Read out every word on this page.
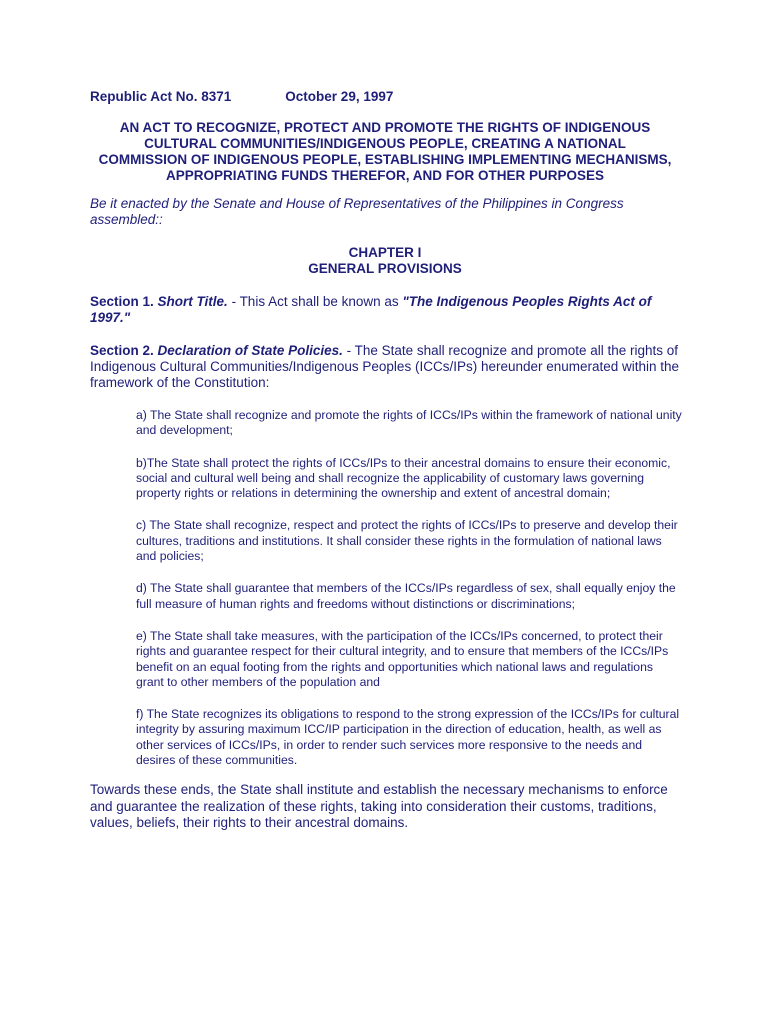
Republic Act No. 8371	October 29, 1997
AN ACT TO RECOGNIZE, PROTECT AND PROMOTE THE RIGHTS OF INDIGENOUS
CULTURAL COMMUNITIES/INDIGENOUS PEOPLE, CREATING A NATIONAL
COMMISSION OF INDIGENOUS PEOPLE, ESTABLISHING IMPLEMENTING MECHANISMS,
APPROPRIATING FUNDS THEREFOR, AND FOR OTHER PURPOSES
Be it enacted by the Senate and House of Representatives of the Philippines in Congress assembled::
CHAPTER I
GENERAL PROVISIONS
Section 1. Short Title. - This Act shall be known as "The Indigenous Peoples Rights Act of 1997."
Section 2. Declaration of State Policies. - The State shall recognize and promote all the rights of Indigenous Cultural Communities/Indigenous Peoples (ICCs/IPs) hereunder enumerated within the framework of the Constitution:
a) The State shall recognize and promote the rights of ICCs/IPs within the framework of national unity and development;
b)The State shall protect the rights of ICCs/IPs to their ancestral domains to ensure their economic, social and cultural well being and shall recognize the applicability of customary laws governing property rights or relations in determining the ownership and extent of ancestral domain;
c) The State shall recognize, respect and protect the rights of ICCs/IPs to preserve and develop their cultures, traditions and institutions. It shall consider these rights in the formulation of national laws and policies;
d) The State shall guarantee that members of the ICCs/IPs regardless of sex, shall equally enjoy the full measure of human rights and freedoms without distinctions or discriminations;
e) The State shall take measures, with the participation of the ICCs/IPs concerned, to protect their rights and guarantee respect for their cultural integrity, and to ensure that members of the ICCs/IPs benefit on an equal footing from the rights and opportunities which national laws and regulations grant to other members of the population and
f) The State recognizes its obligations to respond to the strong expression of the ICCs/IPs for cultural integrity by assuring maximum ICC/IP participation in the direction of education, health, as well as other services of ICCs/IPs, in order to render such services more responsive to the needs and desires of these communities.
Towards these ends, the State shall institute and establish the necessary mechanisms to enforce and guarantee the realization of these rights, taking into consideration their customs, traditions, values, beliefs, their rights to their ancestral domains.
